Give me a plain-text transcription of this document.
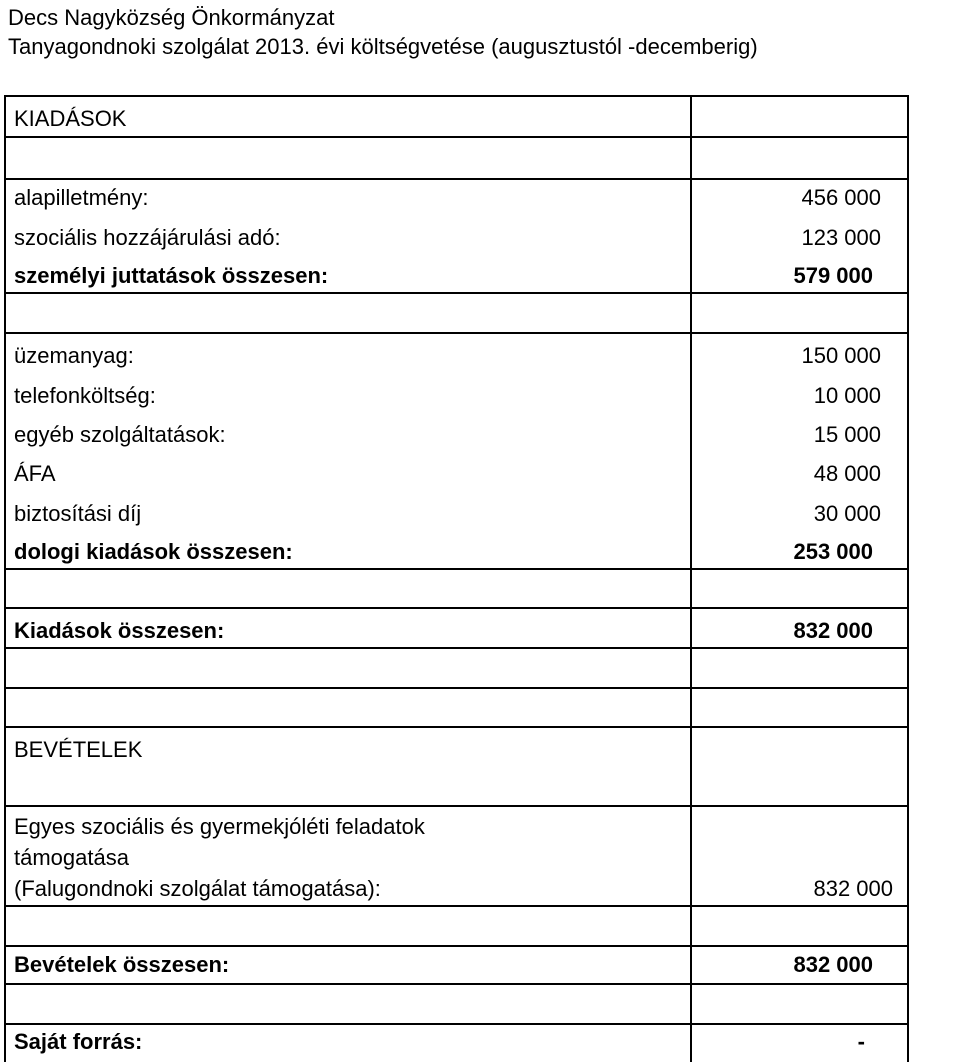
Decs Nagyközség Önkormányzat
Tanyagondnoki szolgálat 2013. évi költségvetése (augusztustól -decemberig)
KIADÁSOK
alapilletmény:	456 000
szociális hozzájárulási adó:	123 000
személyi juttatások összesen:	579 000
üzemanyag:	150 000
telefonköltség:	10 000
egyéb szolgáltatások:	15 000
ÁFA	48 000
biztosítási díj	30 000
dologi kiadások összesen:	253 000
Kiadások összesen:	832 000
BEVÉTELEK
Egyes szociális és gyermekjóléti feladatok
támogatása
(Falugondnoki szolgálat támogatása):	832 000
Bevételek összesen:	832 000
Saját forrás:	-
